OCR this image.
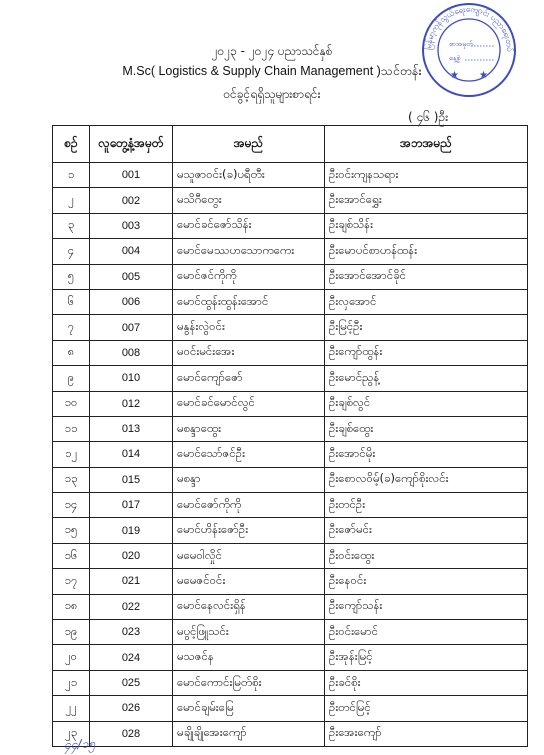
၂၀၂၃ - ၂၀၂၄ ပညာသင်နှစ်
M.Sc( Logistics & Supply Chain Management )သင်တန်း
ဝင်ခွင့်ရရှိသူများစာရင်း
( ၄၆ )ဦး
မြန်မာ့ကုန်သွယ်ရေးကျောင်း ပညာရေးတပ်
စာအမှတ်
နေ့စွဲ
★ ★
စဉ်	လူတွေ့နံ့အမှတ်	အမည်	အဘအမည်
၁	001	မသူဇာဝင်း(ခ)ပရီတီး	ဦးဝင်းကျနသရား
၂	002	မသိဂီတွေး	ဦးအောင်ရွှေး
၃	003	မောင်ခင်ဇော်သိန်း	ဦးချစ်သိန်း
၄	004	မောင်မေဿဟသောကကေး	ဦးမောပင်စာဟန်ထန်း
၅	005	မောင်ဇင်ကိုကို	ဦးအောင်အောင်ခိုင်
၆	006	မောင်ထွန်းထွန်းအောင်	ဦးလှအောင်
၇	007	မနွန်းလွဲဝင်း	ဦးမြင့်ဦး
၈	008	မဝင်းမင်းအေး	ဦးကျော်ထွန်း
၉	010	မောင်ကျော်ဇော်	ဦးမောင်ညွန့်
၁၀	012	မောင်ခင်မောင်လွင်	ဦးချစ်လွင်
၁၁	013	မစန္ဒာထွေး	ဦးချစ်ထွေး
၁၂	014	မောင်သော်ဇင်ဦး	ဦးအောင်မိုး
၁၃	015	မစန္ဒာ	ဦးစောလဝိမ့်(ခ)ကျော်စိုးလင်း
၁၄	017	မောင်ဇော်ကိုကို	ဦးတင်ဦး
၁၅	019	မောင်ဟိန်းဇော်ဦး	ဦးဇော်မင်း
၁၆	020	မမေဝါလှိုင်	ဦးဝင်းထွေး
၁၇	021	မမေဇင်ဝင်း	ဦးနေဝင်း
၁၈	022	မောင်နေလင်းရှိန်	ဦးကျော်သန်း
၁၉	023	မပွင့်ဖြူသင်း	ဦးဝင်းမောင်
၂၀	024	မသဇင်န	ဦးအုန်းမြင့်
၂၁	025	မောင်ကောင်းမြတ်စိုး	ဦးခင်စိုး
၂၂	026	မောင်ချမ်းမြေ	ဦးတင်မြင့်
၂၃	028	မချိုချိုအေးကျော်	ဦးအေးကျော်
၄၄/၁၅
